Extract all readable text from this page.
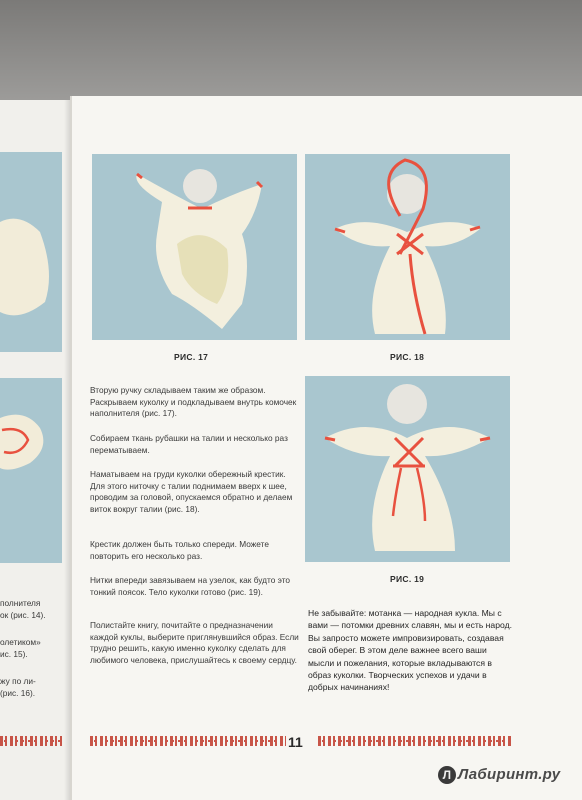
полнителя
ок (рис. 14).
олетиком»
ис. 15).
жу по ли-
(рис. 16).
РИС. 17	РИС. 18
РИС. 19

Вторую ручку складываем таким же образом. Раскрываем куколку и подкладываем внутрь комочек наполнителя (рис. 17).

Собираем ткань рубашки на талии и несколько раз перематываем.

Наматываем на груди куколки обережный крестик. Для этого ниточку с талии поднимаем вверх к шее, проводим за головой, опускаемся обратно и делаем виток вокруг талии (рис. 18).

Крестик должен быть только спереди. Можете повторить его несколько раз.

Нитки впереди завязываем на узелок, как будто это тонкий поясок. Тело куколки готово (рис. 19).

Полистайте книгу, почитайте о предназначении каждой куклы, выберите приглянувшийся образ. Если трудно решить, какую именно куколку сделать для любимого человека, прислушайтесь к своему сердцу.

Не забывайте: мотанка — народная кукла. Мы с вами — потомки древних славян, мы и есть народ. Вы запросто можете импровизировать, создавая свой оберег. В этом деле важнее всего ваши мысли и пожелания, которые вкладываются в образ куколки. Творческих успехов и удачи в добрых начинаниях!

11
Л Лабиринт.ру
